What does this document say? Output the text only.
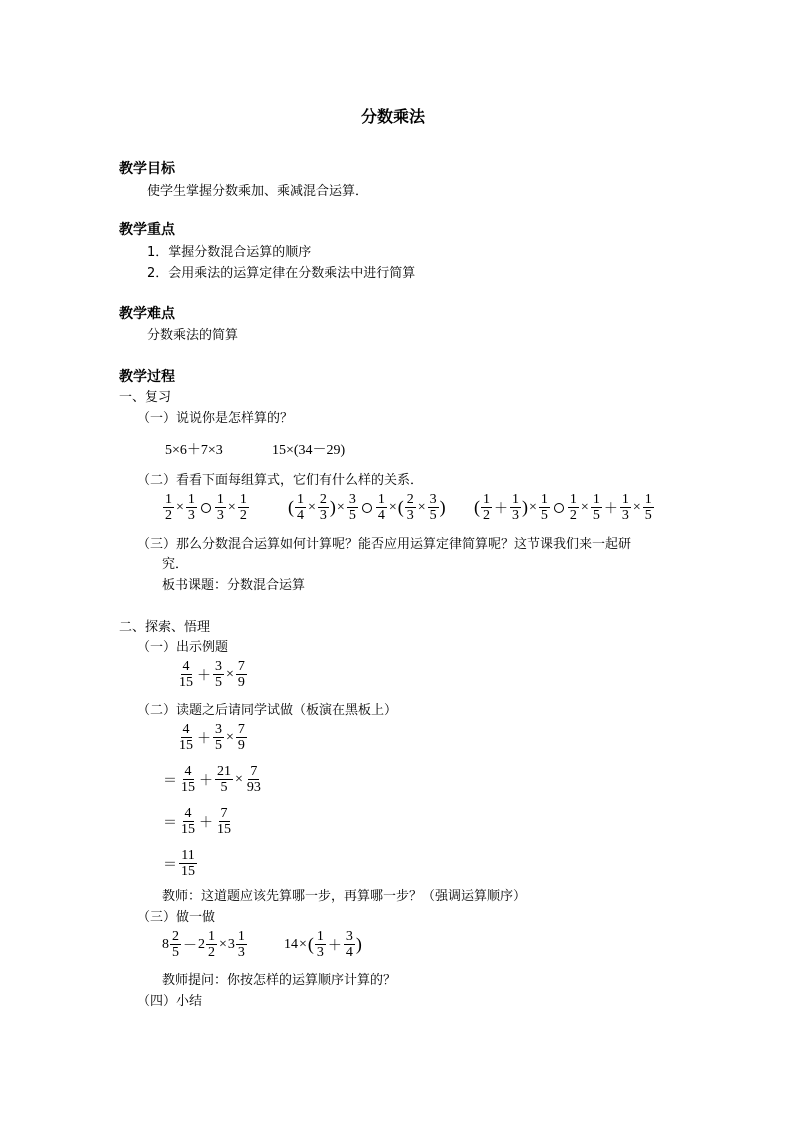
分数乘法
教学目标
使学生掌握分数乘加、乘减混合运算．
教学重点
1．掌握分数混合运算的顺序
2．会用乘法的运算定律在分数乘法中进行简算
教学难点
分数乘法的简算
教学过程
一、复习
（一）说说你是怎样算的？
5×6＋7×3	15×(34－29)
（二）看看下面每组算式，它们有什么样的关系．
$\frac{1}{2} \times \frac{1}{3} \frac{1}{3} \times \frac{1}{2}$ ( $\frac{1}{4} \times \frac{2}{3}$ ) × $\frac{3}{5} \frac{1}{4}$ × ( $\frac{2}{3} \times \frac{3}{5}$ ) ( $\frac{1}{2} + \frac{1}{3}$ ) × $\frac{1}{5} \frac{1}{2} \times \frac{1}{5} + \frac{1}{3} \times \frac{1}{5}$
（三）那么分数混合运算如何计算呢？能否应用运算定律简算呢？这节课我们来一起研
究．
板书课题：分数混合运算
二、探索、悟理
（一）出示例题
$\frac{4}{15} + \frac{3}{5} \times \frac{7}{9}$
（二）读题之后请同学试做（板演在黑板上）
$\frac{4}{15} + \frac{3}{5} \times \frac{7}{9}$
＝ $\frac{4}{15} + \frac{21}{5} \times \frac{7}{93}$
＝ $\frac{4}{15} + \frac{7}{15}$
＝ $\frac{11}{15}$
教师：这道题应该先算哪一步，再算哪一步？（强调运算顺序）
（三）做一做
$8 \frac{2}{5} - 2 \frac{1}{2} \times 3 \frac{1}{3}$	14 × ( $\frac{1}{3} + \frac{3}{4}$ )
教师提问：你按怎样的运算顺序计算的？
（四）小结
